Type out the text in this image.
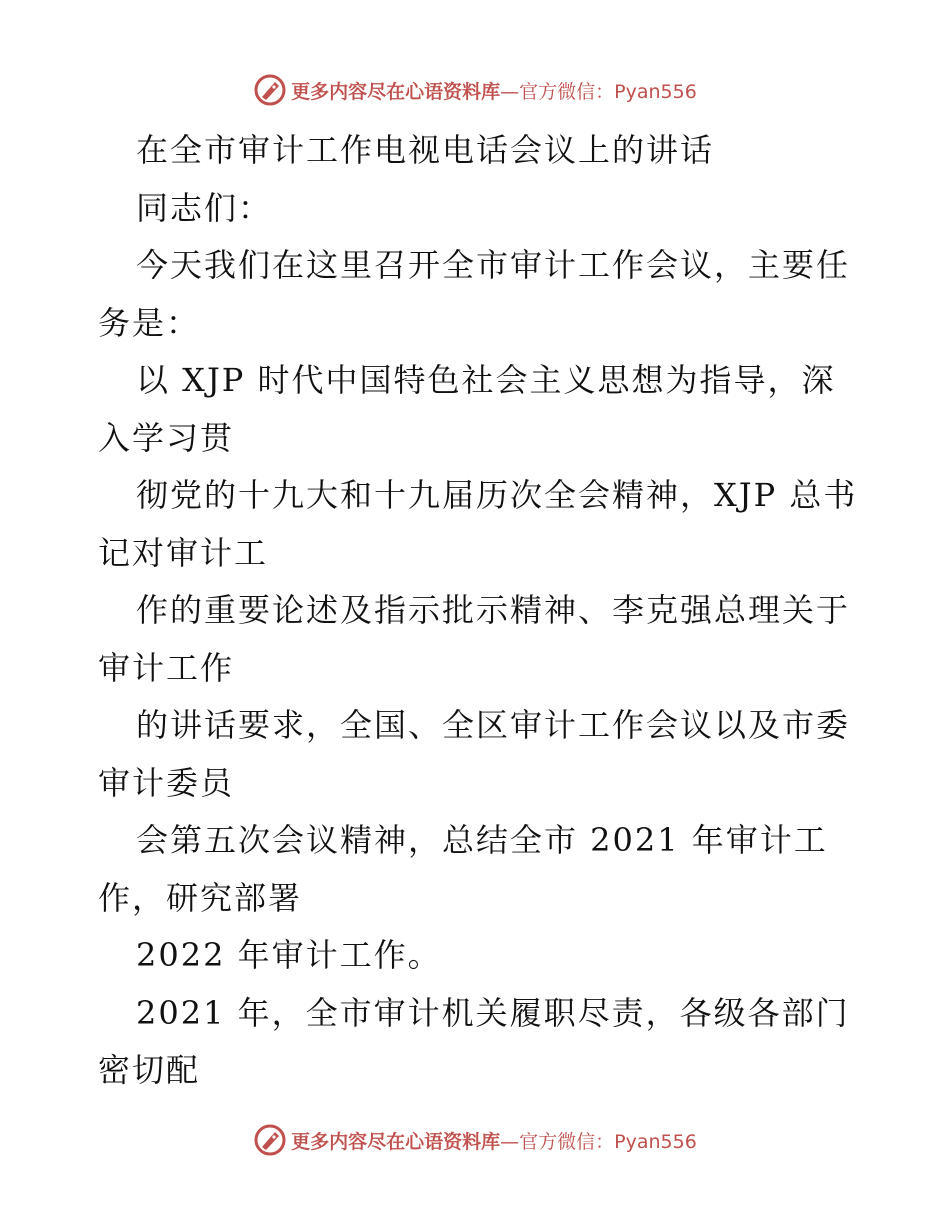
更多内容尽在心语资料库—官方微信：Pyan556
在全市审计工作电视电话会议上的讲话
同志们：
今天我们在这里召开全市审计工作会议，主要任
务是：
以 XJP 时代中国特色社会主义思想为指导，深
入学习贯
彻党的十九大和十九届历次全会精神，XJP 总书
记对审计工
作的重要论述及指示批示精神、李克强总理关于
审计工作
的讲话要求，全国、全区审计工作会议以及市委
审计委员
会第五次会议精神，总结全市 2021 年审计工
作，研究部署
2022 年审计工作。
2021 年，全市审计机关履职尽责，各级各部门
密切配
更多内容尽在心语资料库—官方微信：Pyan556
